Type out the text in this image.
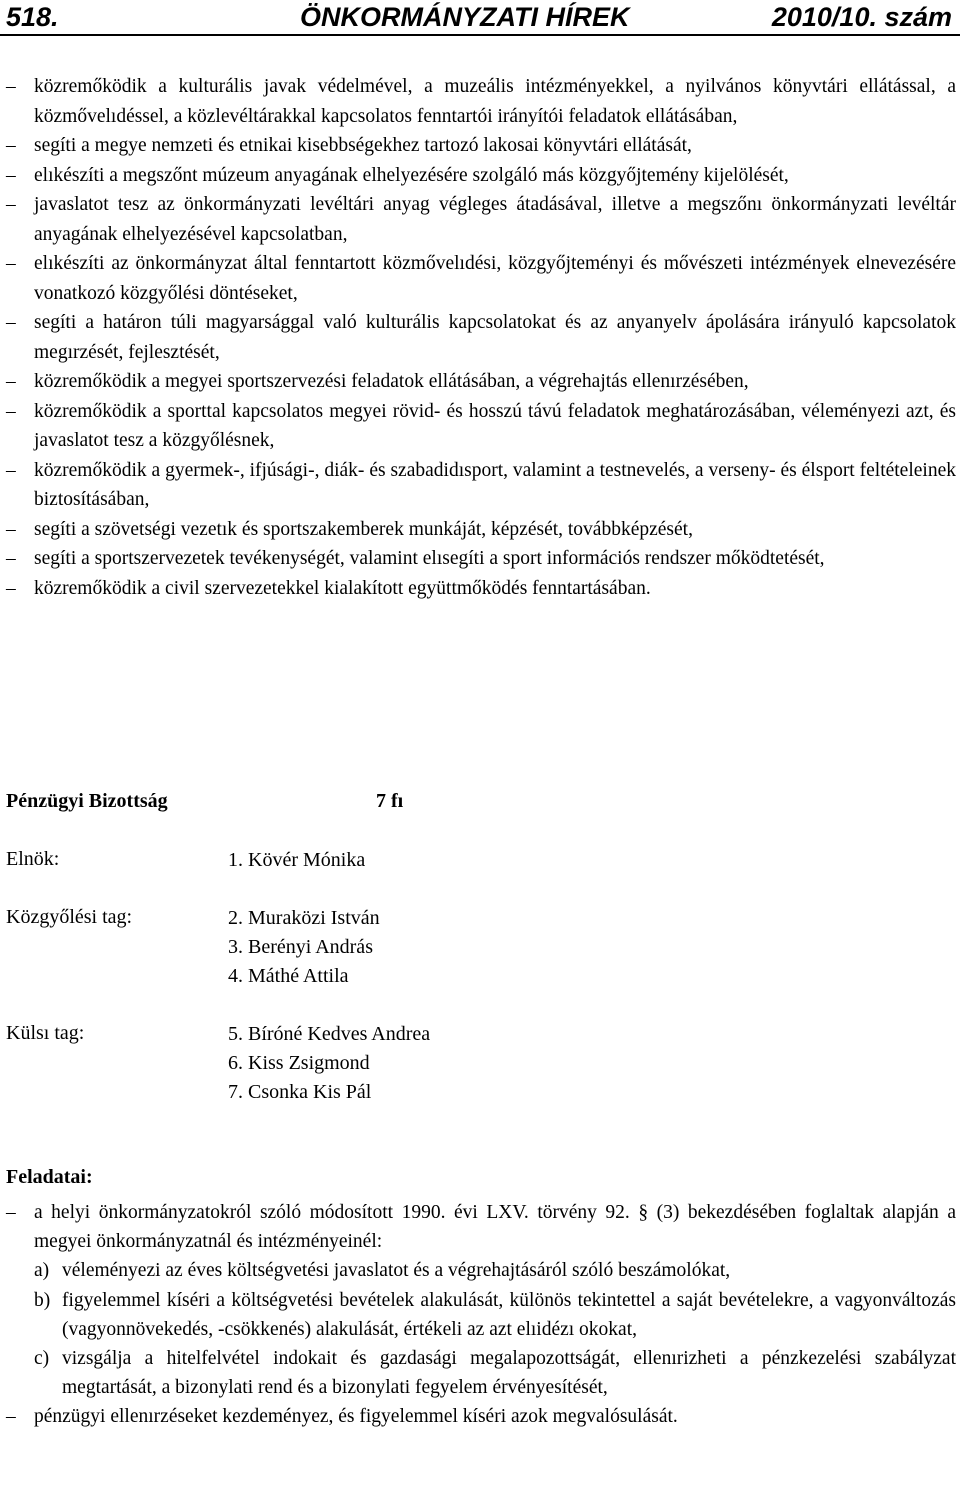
518.	ÖNKORMÁNYZATI HÍREK	2010/10. szám
– közremőködik a kulturális javak védelmével, a muzeális intézményekkel, a nyilvános könyvtári ellátással, a közmővelıdéssel, a közlevéltárakkal kapcsolatos fenntartói irányítói feladatok ellátásában,
– segíti a megye nemzeti és etnikai kisebbségekhez tartozó lakosai könyvtári ellátását,
– elıkészíti a megszőnt múzeum anyagának elhelyezésére szolgáló más közgyőjtemény kijelölését,
– javaslatot tesz az önkormányzati levéltári anyag végleges átadásával, illetve a megszőnı önkormányzati levéltár anyagának elhelyezésével kapcsolatban,
– elıkészíti az önkormányzat által fenntartott közmővelıdési, közgyőjteményi és mővészeti intézmények elnevezésére vonatkozó közgyőlési döntéseket,
– segíti a határon túli magyarsággal való kulturális kapcsolatokat és az anyanyelv ápolására irányuló kapcsolatok megırzését, fejlesztését,
– közremőködik a megyei sportszervezési feladatok ellátásában, a végrehajtás ellenırzésében,
– közremőködik a sporttal kapcsolatos megyei rövid- és hosszú távú feladatok meghatározásában, véleményezi azt, és javaslatot tesz a közgyőlésnek,
– közremőködik a gyermek-, ifjúsági-, diák- és szabadidısport, valamint a testnevelés, a verseny- és élsport feltételeinek biztosításában,
– segíti a szövetségi vezetık és sportszakemberek munkáját, képzését, továbbképzését,
– segíti a sportszervezetek tevékenységét, valamint elısegíti a sport információs rendszer mőködtetését,
– közremőködik a civil szervezetekkel kialakított együttmőködés fenntartásában.
Pénzügyi Bizottság	7 fı
Elnök:	1. Kövér Mónika
Közgyőlési tag:	2. Muraközi István
3. Berényi András
4. Máthé Attila
Külsı tag:	5. Bíróné Kedves Andrea
6. Kiss Zsigmond
7. Csonka Kis Pál
Feladatai:
– a helyi önkormányzatokról szóló módosított 1990. évi LXV. törvény 92. § (3) bekezdésében foglaltak alapján a megyei önkormányzatnál és intézményeinél:
a) véleményezi az éves költségvetési javaslatot és a végrehajtásáról szóló beszámolókat,
b) figyelemmel kíséri a költségvetési bevételek alakulását, különös tekintettel a saját bevételekre, a vagyonváltozás (vagyonnövekedés, -csökkenés) alakulását, értékeli az azt elıidézı okokat,
c) vizsgálja a hitelfelvétel indokait és gazdasági megalapozottságát, ellenırizheti a pénzkezelési szabályzat megtartását, a bizonylati rend és a bizonylati fegyelem érvényesítését,
– pénzügyi ellenırzéseket kezdeményez, és figyelemmel kíséri azok megvalósulását.
